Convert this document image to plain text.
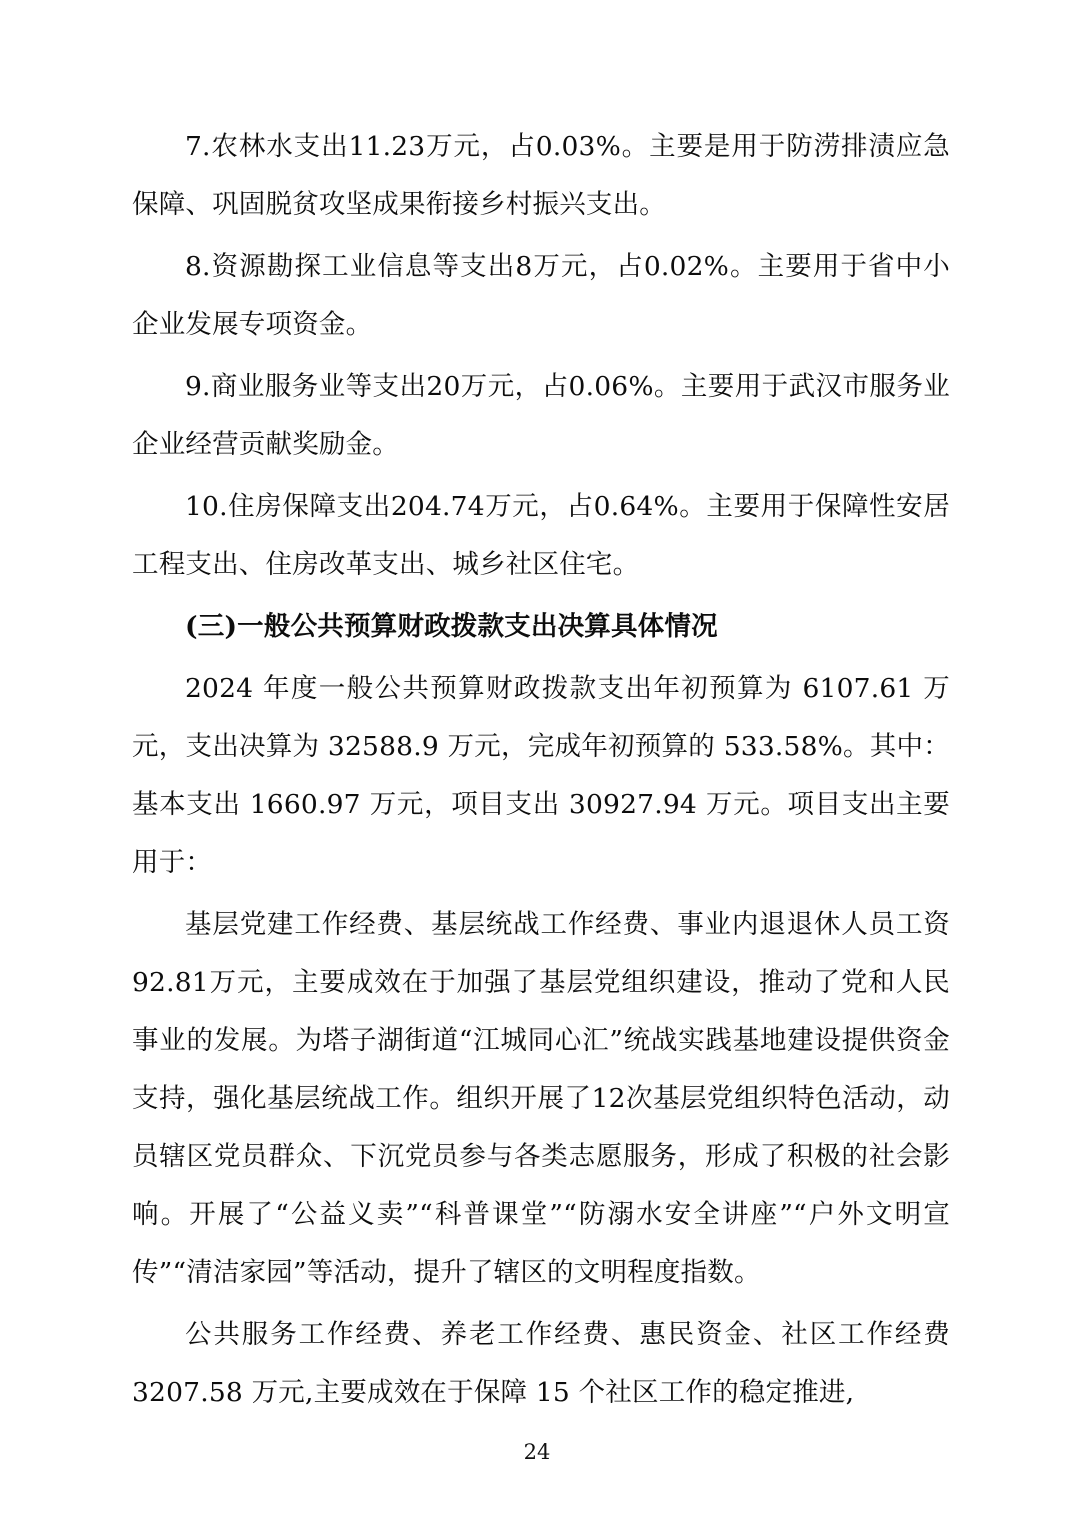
7.农林水支出11.23万元，占0.03%。主要是用于防涝排渍应急保障、巩固脱贫攻坚成果衔接乡村振兴支出。

8.资源勘探工业信息等支出8万元，占0.02%。主要用于省中小企业发展专项资金。

9.商业服务业等支出20万元，占0.06%。主要用于武汉市服务业企业经营贡献奖励金。

10.住房保障支出204.74万元，占0.64%。主要用于保障性安居工程支出、住房改革支出、城乡社区住宅。

(三)一般公共预算财政拨款支出决算具体情况

2024 年度一般公共预算财政拨款支出年初预算为 6107.61 万元，支出决算为 32588.9 万元，完成年初预算的 533.58%。其中：基本支出 1660.97 万元，项目支出 30927.94 万元。项目支出主要用于：

基层党建工作经费、基层统战工作经费、事业内退退休人员工资92.81万元，主要成效在于加强了基层党组织建设，推动了党和人民事业的发展。为塔子湖街道“江城同心汇”统战实践基地建设提供资金支持，强化基层统战工作。组织开展了12次基层党组织特色活动，动员辖区党员群众、下沉党员参与各类志愿服务，形成了积极的社会影响。开展了“公益义卖”“科普课堂”“防溺水安全讲座”“户外文明宣传”“清洁家园”等活动，提升了辖区的文明程度指数。

公共服务工作经费、养老工作经费、惠民资金、社区工作经费 3207.58 万元,主要成效在于保障 15 个社区工作的稳定推进,

24
